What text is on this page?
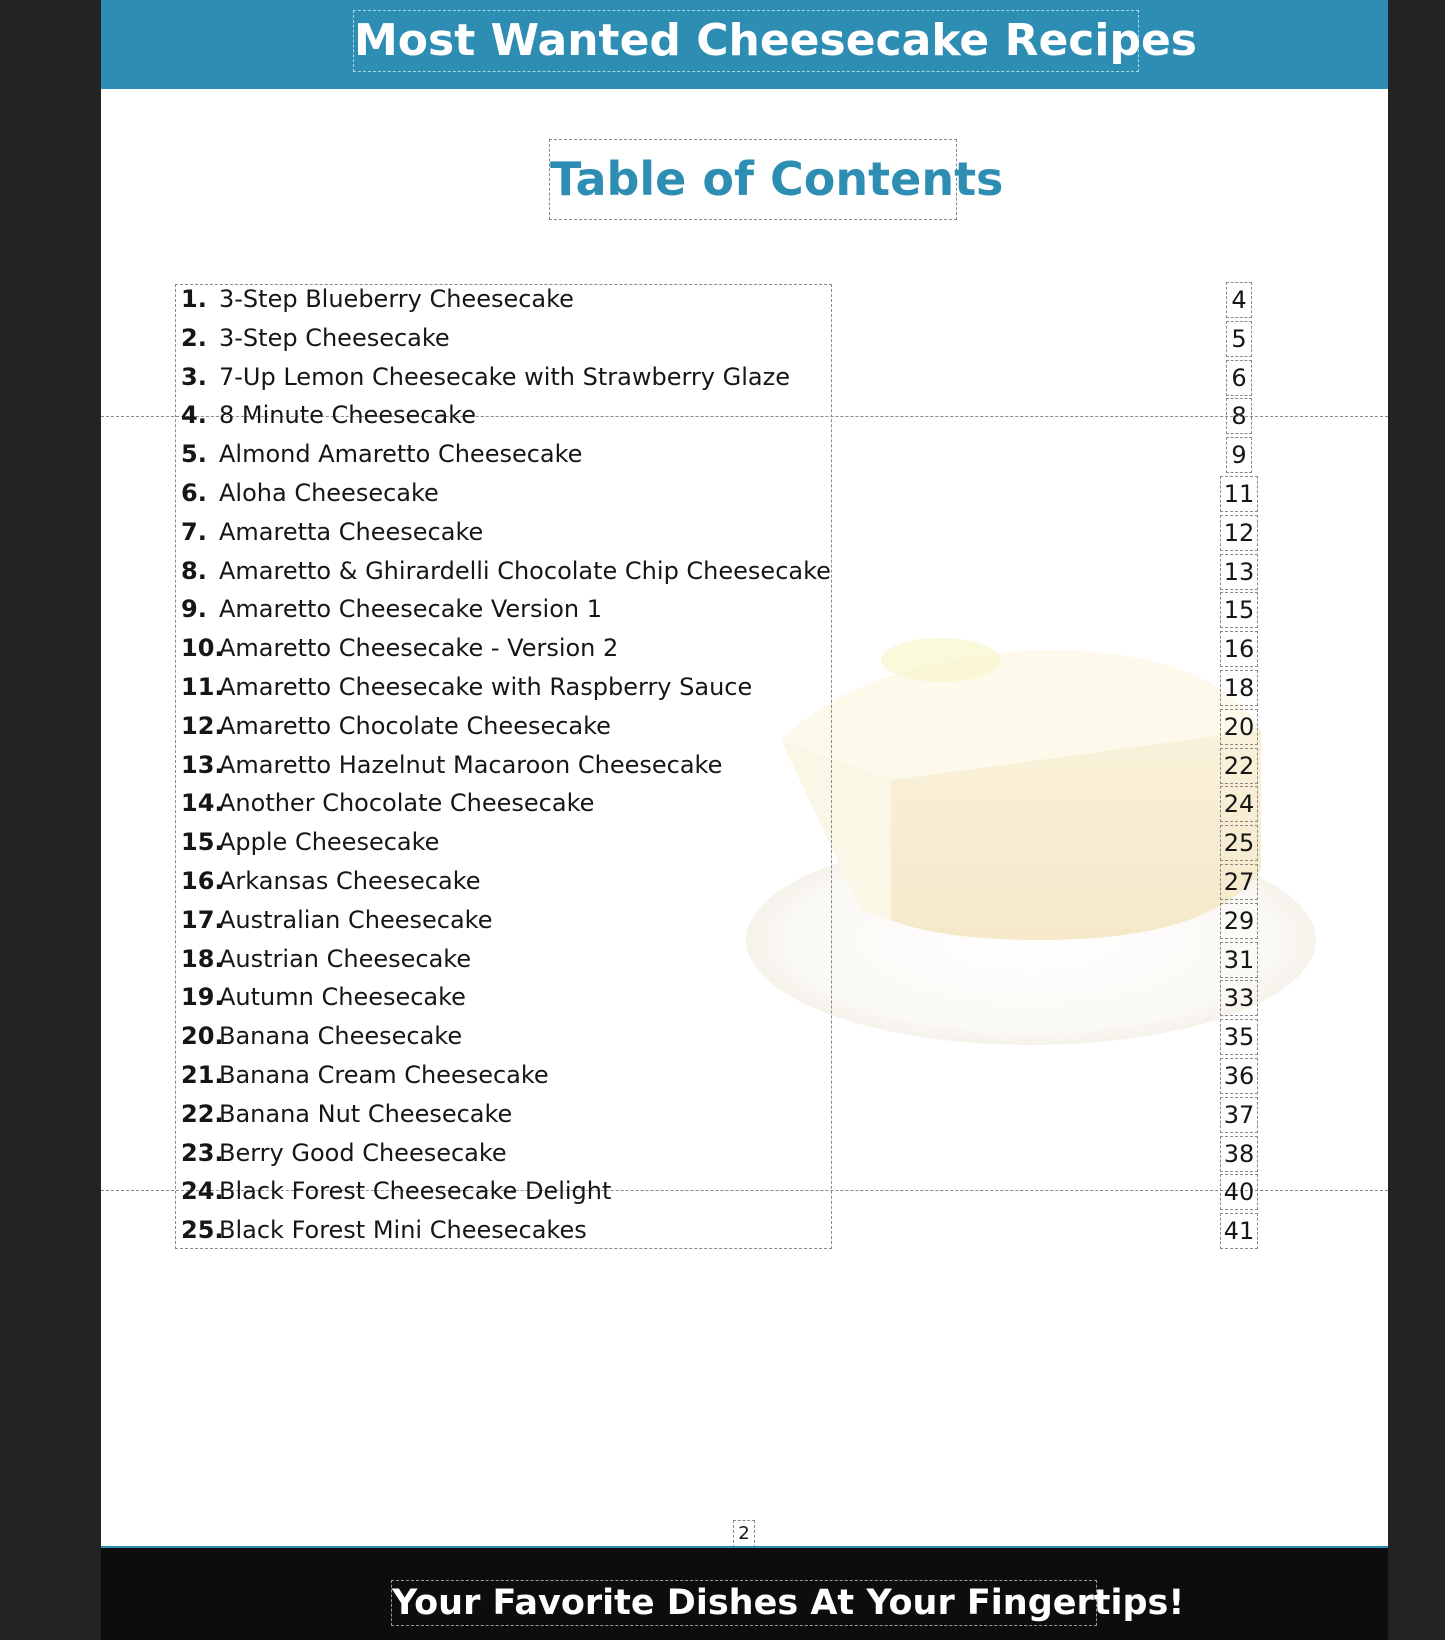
Most Wanted Cheesecake Recipes
Table of Contents
1. 3-Step Blueberry Cheesecake
2. 3-Step Cheesecake
3. 7-Up Lemon Cheesecake with Strawberry Glaze
4. 8 Minute Cheesecake
5. Almond Amaretto Cheesecake
6. Aloha Cheesecake
7. Amaretta Cheesecake
8. Amaretto & Ghirardelli Chocolate Chip Cheesecake
9. Amaretto Cheesecake Version 1
10.Amaretto Cheesecake - Version 2
11.Amaretto Cheesecake with Raspberry Sauce
12.Amaretto Chocolate Cheesecake
13.Amaretto Hazelnut Macaroon Cheesecake
14.Another Chocolate Cheesecake
15.Apple Cheesecake
16.Arkansas Cheesecake
17.Australian Cheesecake
18.Austrian Cheesecake
19.Autumn Cheesecake
20.Banana Cheesecake
21.Banana Cream Cheesecake
22.Banana Nut Cheesecake
23.Berry Good Cheesecake
24.Black Forest Cheesecake Delight
25.Black Forest Mini Cheesecakes
2
Your Favorite Dishes At Your Fingertips!
4
5
6
8
9
11
12
13
15
16
18
20
22
24
25
27
29
31
33
35
36
37
38
40
41
